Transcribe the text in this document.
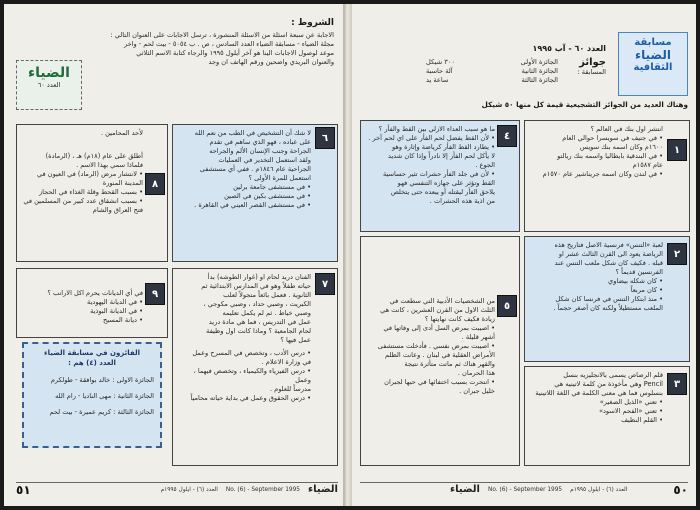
الشروط :
الاجابة عن سبعة اسئلة من الاسئلة المنشورة ، ترسل الاجابات على العنوان التالي :
مجلة الضياء - مسابقة الضياء العدد السادس ، ص . ب ٥٠٥٤ - بيت لحم - واخر
موعد لوصول الاجابات الينا هو آخر أيلول ١٩٩٥ والرجاء كتابة الاسم الثلاثي
والعنوان البريدي واضحين ورقم الهاتف ان وجد
الضياء
العدد ٦٠
٦
لا شك أن التشخيص في الطب من نعم الله
على عباده ، فهو الذي ساهم في تقدم
الجراحة وجنب الإنسان الألم والجراحه
ولقد استعمل التخدير في العمليات
الجراحية عام ١٨٤٦م . ففي أي مستشفى
استعمل للمرة الأولى ؟
• في مستشفى جامعة برلين
• في مستشفى بكين في الصين
• في مستشفى القصر العيني في القاهرة .
٨
لأحد المحامين .
أطلق على عام (١٨م) هـ ، (الرمادة)
فلماذا سمي بهذا الاسم .
• لانتشار مرض (الرماد) في العيون في
المدينة المنورة
• بسبب القحط وقلة الغذاء في الحجاز
• بسبب انشقاق عدد كبير من المسلمين في
فتح العراق والشام
٧
الفنان دريد لحام او (غوار الطوشه) بدأ
حياته طفلاً وهو في المدارس الابتدائية ثم
الثانوية . فعمل بائعاً متجولاً لعلب
الكبريت ، وصبي حداد ، وصبي مكوجي ،
وصبي خياط . ثم لم يكمل تعليمه
عمل في التدريس ، فما هي مادة دريد
لحام الجامعية ؟ وماذا كانت اول وظيفة
عمل فيها ؟
• درس الأدب ، وتخصص في المسرح وعمل
في وزارة الاعلام .
• درس الفيزياء والكيمياء ، وتخصص فيهما ، وعمل
مدرساً للعلوم .
• درس الحقوق وعمل في بداية حياته محامياً
٩
في أي الديانات يحرم اكل الارانب ؟
• في الديانة اليهودية
• في الديانة البوذية
• ديانة المسيح
الفائزون في مسابقة الضياء
العدد (٤) هم :
الجائزة الاولى : خالد بوافقة - طولكرم
الجائزة الثانية : مهى الناديا - رام الله
الجائزة الثالثة : كريم عميرة - بيت لحم
٥١	العدد (٦) - ايلول ١٩٩٥م No. (6) - September 1995 الضياء
مسابقة
الضياء
الثقافية
العدد ٦٠ - آب ١٩٩٥
جوائز
المسابقة :
الجائزة الأولى
٣٠٠ شيكل
الجائزة الثانية
آلة حاسبة
الجائزة الثالثة
ساعة يد
وهناك العديد من الجوائز التشجيعية قيمة كل منها ٥٠ شيكل
١
انتشر اول بنك في العالم ؟
• في جنيف في سويسرا حوالي العام
١٦٠٠م وكان اسمه بنك سويس
• في البندقية بايطاليا واسمه بنك ريالتو
عام ١٥٨٧م
• في لندن وكان اسمه جريناشير عام ١٥٧٠م
٤
ما هو سبب العداء الازلي بين القط والفأر ؟
• لأن القط يفضل لحم الفأر على اي لحم آخر .
• يطارد القط الفأر كرياضة وإثارة وهو
لا يأكل لحم الفأر إلا نادراً وإذا كان شديد
الجوع .
• لأن في جلد الفأر حشرات تثير حساسية
القط وتؤثر على جهازه التنفسي فهو
يلاحق الفأر ليقتله أو يبعده حتى يتخلص
من اذية هذه الحشرات .
٢
لعبة «التنس» فرنسية الاصل فتاريخ هذه
الرياضة يعود الى القرن الثالث عشر او
قبله . فكيف كان شكل ملعب التنس عند
الفرنسين قديماً ؟
• كان شكله بيضاوي
• كان مربعاً
• منذ ابتكار التنس في فرنسا كان شكل
الملعب مستطيلاً ولكنه كان أصغر حجماً .
٥
من الشخصيات الأدبية التي سطعت في
الثلث الاول من القرن العشرين ، كانت هي
زيادة فكيف كانت نهايتها ؟
• اصيبت بمرض السل أدى إلى وفاتها في
أشهر قليلة .
• اصيبت بمرض نفسي . فأدخلت مستشفى
الأمراض العقلية في لبنان . وعانت الظلم
والقهر هناك ثم ماتت متأثرة نتيجة
هذا الحرمان .
• انتحرت بسبب اختفائها في حبها لجبران
خليل جبران .
٣
قلم الرصاص يسمى بالانجليزيه بنسل
Pencil وهي مأخوذة من كلمة لاتينيه هي
بنسلوس فما هي معنى الكلمة في اللغة اللاتينية
• تعني «الذيل الصغير»
• تعني «الفحم الاسود»
• القلم النظيف
الضياء No. (6) - September 1995 العدد (٦) - ايلول ١٩٩٥م	٥٠
